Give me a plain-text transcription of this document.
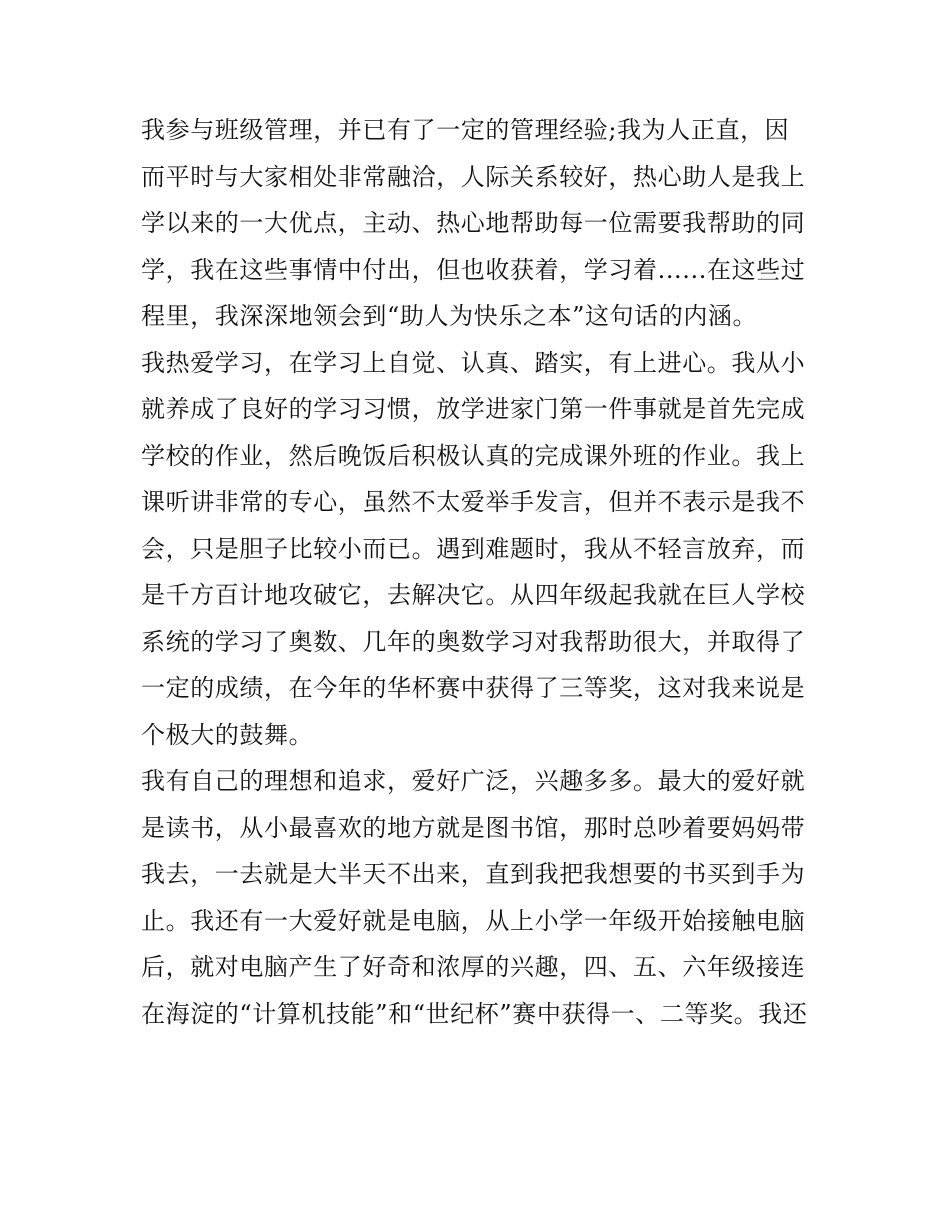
我参与班级管理，并已有了一定的管理经验;我为人正直，因
而平时与大家相处非常融洽，人际关系较好，热心助人是我上
学以来的一大优点，主动、热心地帮助每一位需要我帮助的同
学，我在这些事情中付出，但也收获着，学习着......在这些过
程里，我深深地领会到“助人为快乐之本”这句话的内涵。
我热爱学习，在学习上自觉、认真、踏实，有上进心。我从小
就养成了良好的学习习惯，放学进家门第一件事就是首先完成
学校的作业，然后晚饭后积极认真的完成课外班的作业。我上
课听讲非常的专心，虽然不太爱举手发言，但并不表示是我不
会，只是胆子比较小而已。遇到难题时，我从不轻言放弃，而
是千方百计地攻破它，去解决它。从四年级起我就在巨人学校
系统的学习了奥数、几年的奥数学习对我帮助很大，并取得了
一定的成绩，在今年的华杯赛中获得了三等奖，这对我来说是
个极大的鼓舞。
我有自己的理想和追求，爱好广泛，兴趣多多。最大的爱好就
是读书，从小最喜欢的地方就是图书馆，那时总吵着要妈妈带
我去，一去就是大半天不出来，直到我把我想要的书买到手为
止。我还有一大爱好就是电脑，从上小学一年级开始接触电脑
后，就对电脑产生了好奇和浓厚的兴趣，四、五、六年级接连
在海淀的“计算机技能”和“世纪杯”赛中获得一、二等奖。我还
